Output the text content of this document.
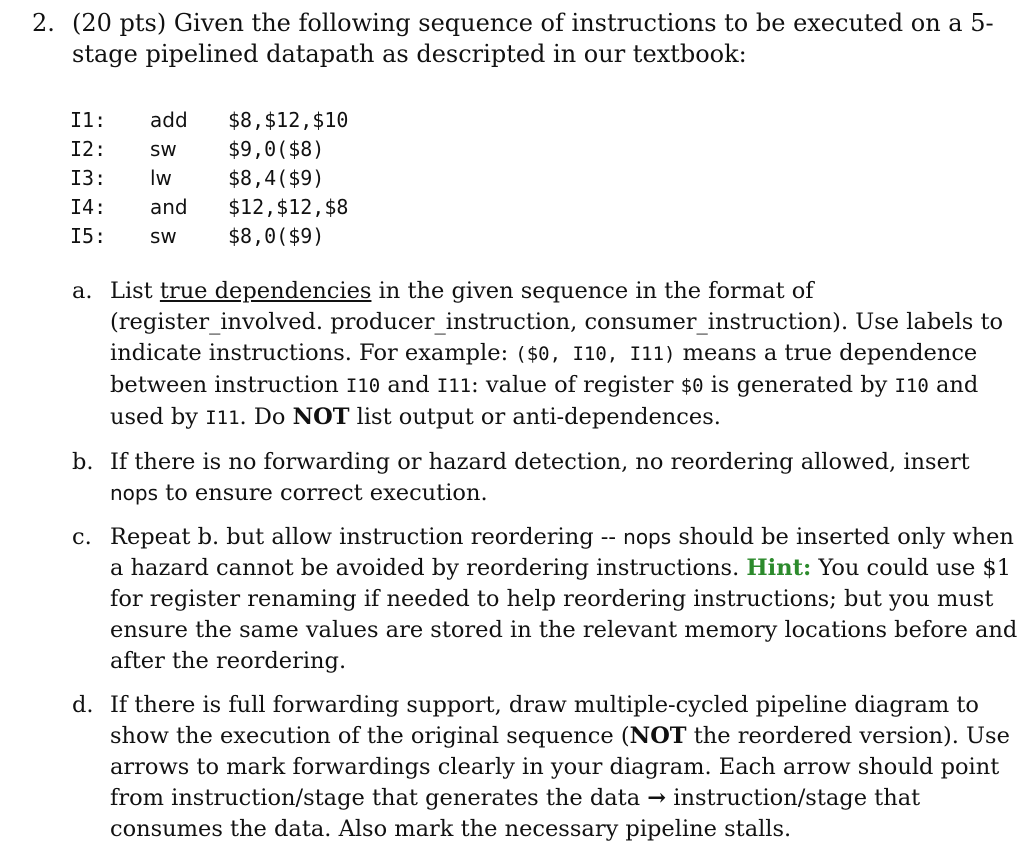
2. (20 pts) Given the following sequence of instructions to be executed on a 5-stage pipelined datapath as descripted in our textbook:
I1:	add	$8,$12,$10
I2:	sw	$9,0($8)
I3:	lw	$8,4($9)
I4:	and	$12,$12,$8
I5:	sw	$8,0($9)
a. List true dependencies in the given sequence in the format of (register_involved. producer_instruction, consumer_instruction). Use labels to indicate instructions. For example: ($0, I10, I11) means a true dependence between instruction I10 and I11: value of register $0 is generated by I10 and used by I11. Do NOT list output or anti-dependences.
b. If there is no forwarding or hazard detection, no reordering allowed, insert nops to ensure correct execution.
c. Repeat b. but allow instruction reordering -- nops should be inserted only when a hazard cannot be avoided by reordering instructions. Hint: You could use $1 for register renaming if needed to help reordering instructions; but you must ensure the same values are stored in the relevant memory locations before and after the reordering.
d. If there is full forwarding support, draw multiple-cycled pipeline diagram to show the execution of the original sequence (NOT the reordered version). Use arrows to mark forwardings clearly in your diagram. Each arrow should point from instruction/stage that generates the data → instruction/stage that consumes the data. Also mark the necessary pipeline stalls.
